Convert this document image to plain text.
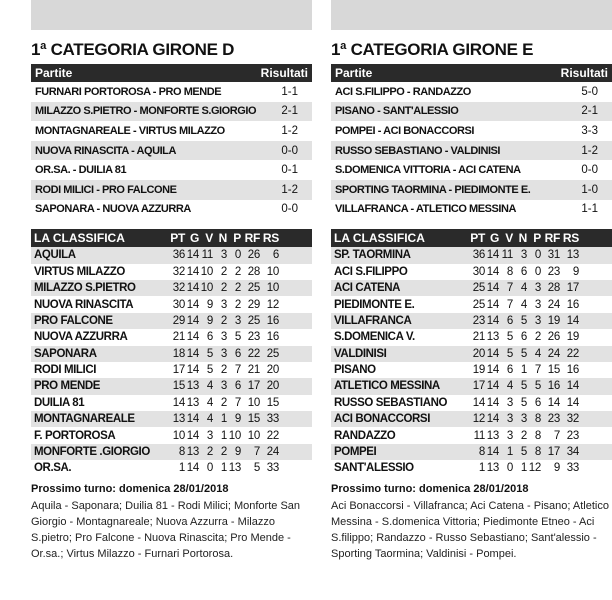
1ª CATEGORIA GIRONE D
Partite	Risultati
FURNARI PORTOROSA - PRO MENDE	1-1
MILAZZO S.PIETRO - MONFORTE S.GIORGIO 2-1
MONTAGNAREALE - VIRTUS MILAZZO	1-2
NUOVA RINASCITA - AQUILA	0-0
OR.SA. - DUILIA 81	0-1
RODI MILICI - PRO FALCONE	1-2
SAPONARA - NUOVA AZZURRA	0-0
LA CLASSIFICA	PT G V N P RF RS
AQUILA	36 14 11 3 0 26	6
VIRTUS MILAZZO	32 14 10 2 2 28 10
MILAZZO S.PIETRO	32 14 10 2 2 25 10
NUOVA RINASCITA	30 14 9 3 2 29 12
PRO FALCONE	29 14 9 2 3 25 16
NUOVA AZZURRA	21 14 6 3 5 23 16
SAPONARA	18 14 5 3 6 22 25
RODI MILICI	17 14 5 2 7 21 20
PRO MENDE	15 13 4 3 6 17 20
DUILIA 81	14 13 4 2 7 10 15
MONTAGNAREALE	13 14 4 1 9 15 33
F. PORTOROSA	10 14 3 1 10 10 22
MONFORTE .GIORGIO	8 13 2 2 9	7 24
OR.SA.	1 14 0 1 13	5 33
Prossimo turno: domenica 28/01/2018
Aquila - Saponara; Duilia 81 - Rodi Milici; Monforte San Giorgio - Montagnareale; Nuova Azzurra - Milazzo S.pietro; Pro Falcone - Nuova Rinascita; Pro Mende - Or.sa.; Virtus Milazzo - Furnari Portorosa.
1ª CATEGORIA GIRONE E
Partite	Risultati
ACI S.FILIPPO - RANDAZZO	5-0
PISANO - SANT'ALESSIO	2-1
POMPEI - ACI BONACCORSI	3-3
RUSSO SEBASTIANO - VALDINISI	1-2
S.DOMENICA VITTORIA - ACI CATENA	0-0
SPORTING TAORMINA - PIEDIMONTE E.	1-0
VILLAFRANCA - ATLETICO MESSINA	1-1
LA CLASSIFICA	PT G V N P RF RS
SP. TAORMINA	36 14 11 3 0 31 13
ACI S.FILIPPO	30 14 8 6 0 23	9
ACI CATENA	25 14 7 4 3 28 17
PIEDIMONTE E.	25 14 7 4 3 24 16
VILLAFRANCA	23 14 6 5 3 19 14
S.DOMENICA V.	21 13 5 6 2 26 19
VALDINISI	20 14 5 5 4 24 22
PISANO	19 14 6 1 7 15 16
ATLETICO MESSINA	17 14 4 5 5 16 14
RUSSO SEBASTIANO	14 14 3 5 6 14 14
ACI BONACCORSI	12 14 3 3 8 23 32
RANDAZZO	11 13 3 2 8	7 23
POMPEI	8 14 1 5 8 17 34
SANT'ALESSIO	1 13 0 1 12	9 33
Prossimo turno: domenica 28/01/2018
Aci Bonaccorsi - Villafranca; Aci Catena - Pisano; Atletico Messina - S.domenica Vittoria; Piedimonte Etneo - Aci S.filippo; Randazzo - Russo Sebastiano; Sant'alessio - Sporting Taormina; Valdinisi - Pompei.
